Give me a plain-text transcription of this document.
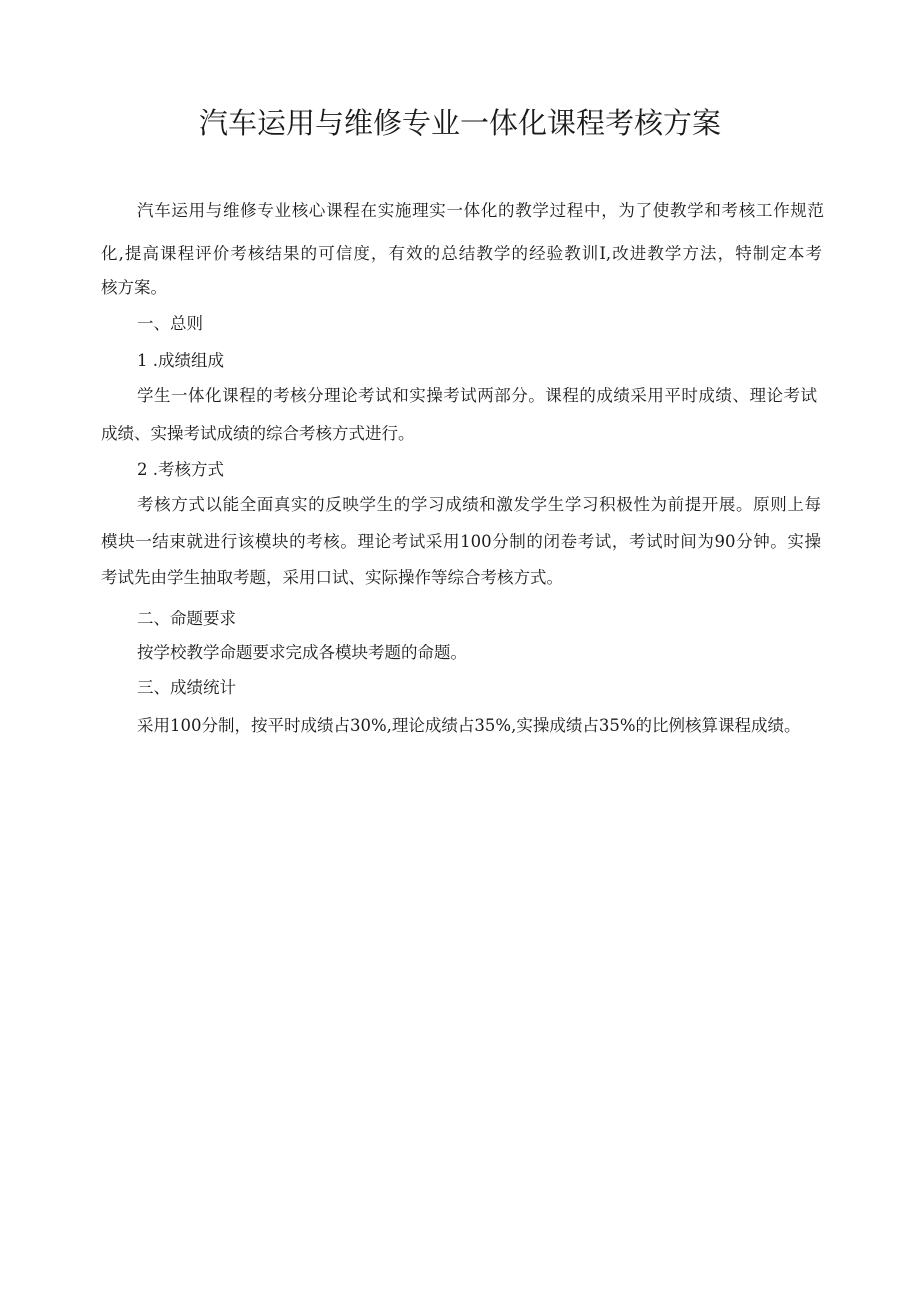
汽车运用与维修专业一体化课程考核方案

汽车运用与维修专业核心课程在实施理实一体化的教学过程中，为了使教学和考核工作规范

化,提高课程评价考核结果的可信度，有效的总结教学的经验教训I,改进教学方法，特制定本考

核方案。

一、总则

1 .成绩组成

学生一体化课程的考核分理论考试和实操考试两部分。课程的成绩采用平时成绩、理论考试

成绩、实操考试成绩的综合考核方式进行。

2 .考核方式

考核方式以能全面真实的反映学生的学习成绩和激发学生学习积极性为前提开展。原则上每

模块一结束就进行该模块的考核。理论考试采用100分制的闭卷考试，考试时间为90分钟。实操

考试先由学生抽取考题，采用口试、实际操作等综合考核方式。

二、命题要求

按学校教学命题要求完成各模块考题的命题。

三、成绩统计

采用100分制，按平时成绩占30%,理论成绩占35%,实操成绩占35%的比例核算课程成绩。
